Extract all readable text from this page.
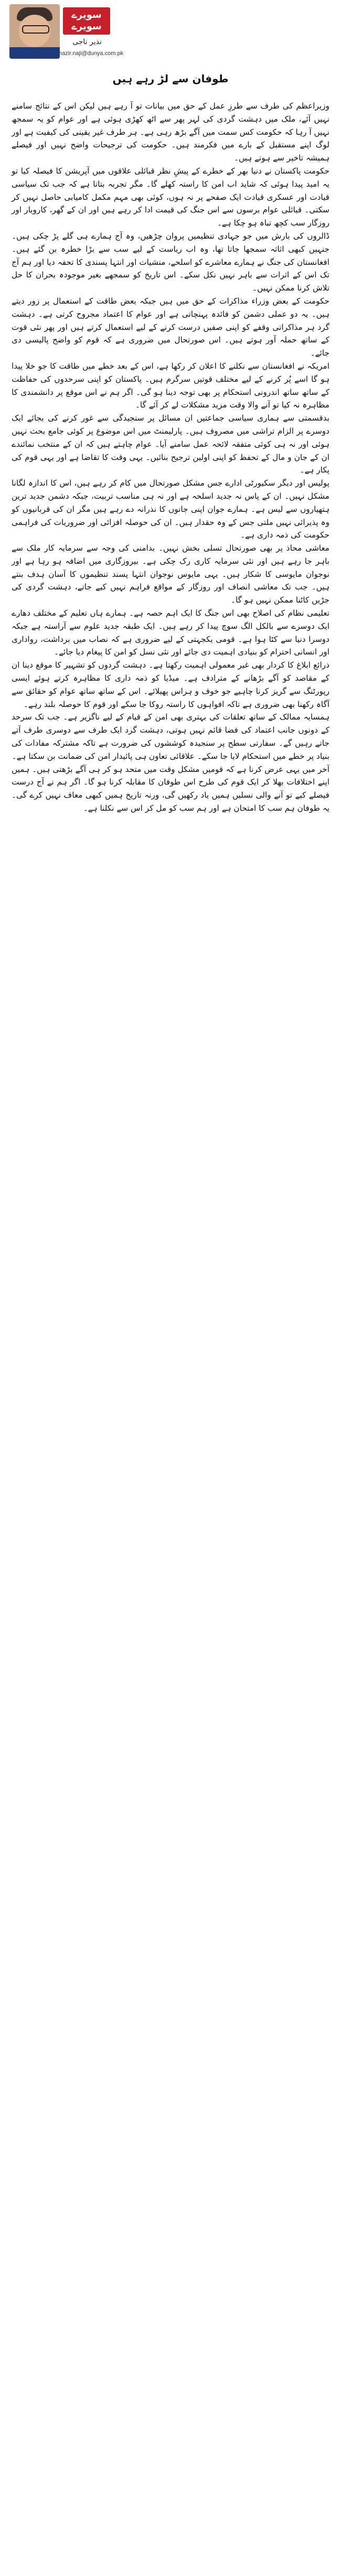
سویرے
سویرے
نذیر ناجی
nazir.naji@dunya.com.pk
طوفان سے لڑ رہے ہیں

وزیراعظم کی طرف سے طرزِ عمل کے حق میں بیانات تو آ رہے ہیں لیکن اس کے نتائج سامنے نہیں آئے، ملک میں دہشت گردی کی لہر پھر سے اٹھ کھڑی ہوئی ہے اور عوام کو یہ سمجھ نہیں آ رہا کہ حکومت کس سمت میں آگے بڑھ رہی ہے۔ ہر طرف غیر یقینی کی کیفیت ہے اور لوگ اپنے مستقبل کے بارے میں فکرمند ہیں۔ حکومت کی ترجیحات واضح نہیں اور فیصلے ہمیشہ تاخیر سے ہوتے ہیں۔

حکومت پاکستان نے دنیا بھر کے خطرے کے پیشِ نظر قبائلی علاقوں میں آپریشن کا فیصلہ کیا تو یہ امید پیدا ہوئی کہ شاید اب امن کا راستہ کھلے گا۔ مگر تجربہ بتاتا ہے کہ جب تک سیاسی قیادت اور عسکری قیادت ایک صفحے پر نہ ہوں، کوئی بھی مہم مکمل کامیابی حاصل نہیں کر سکتی۔ قبائلی عوام برسوں سے اس جنگ کی قیمت ادا کر رہے ہیں اور ان کے گھر، کاروبار اور روزگار سب کچھ تباہ ہو چکا ہے۔

ڈالروں کی بارش میں جو جہادی تنظیمیں پروان چڑھیں، وہ آج ہمارے ہی گلے پڑ چکی ہیں۔ جنہیں کبھی اثاثہ سمجھا جاتا تھا، وہ اب ریاست کے لیے سب سے بڑا خطرہ بن گئے ہیں۔ افغانستان کی جنگ نے ہمارے معاشرے کو اسلحے، منشیات اور انتہا پسندی کا تحفہ دیا اور ہم آج تک اس کے اثرات سے باہر نہیں نکل سکے۔ اس تاریخ کو سمجھے بغیر موجودہ بحران کا حل تلاش کرنا ممکن نہیں۔

حکومت کے بعض وزراء مذاکرات کے حق میں ہیں جبکہ بعض طاقت کے استعمال پر زور دیتے ہیں۔ یہ دو عملی دشمن کو فائدہ پہنچاتی ہے اور عوام کا اعتماد مجروح کرتی ہے۔ دہشت گرد ہر مذاکراتی وقفے کو اپنی صفیں درست کرنے کے لیے استعمال کرتے ہیں اور پھر نئی قوت کے ساتھ حملہ آور ہوتے ہیں۔ اس صورتحال میں ضروری ہے کہ قوم کو واضح پالیسی دی جائے۔

امریکہ نے افغانستان سے نکلنے کا اعلان کر رکھا ہے، اس کے بعد خطے میں طاقت کا جو خلا پیدا ہو گا اسے پُر کرنے کے لیے مختلف قوتیں سرگرم ہیں۔ پاکستان کو اپنی سرحدوں کی حفاظت کے ساتھ ساتھ اندرونی استحکام پر بھی توجہ دینا ہو گی۔ اگر ہم نے اس موقع پر دانشمندی کا مظاہرہ نہ کیا تو آنے والا وقت مزید مشکلات لے کر آئے گا۔

بدقسمتی سے ہماری سیاسی جماعتیں ان مسائل پر سنجیدگی سے غور کرنے کی بجائے ایک دوسرے پر الزام تراشی میں مصروف ہیں۔ پارلیمنٹ میں اس موضوع پر کوئی جامع بحث نہیں ہوئی اور نہ ہی کوئی متفقہ لائحہ عمل سامنے آیا۔ عوام چاہتے ہیں کہ ان کے منتخب نمائندے ان کے جان و مال کے تحفظ کو اپنی اولین ترجیح بنائیں۔ یہی وقت کا تقاضا ہے اور یہی قوم کی پکار ہے۔

پولیس اور دیگر سکیورٹی ادارے جس مشکل صورتحال میں کام کر رہے ہیں، اس کا اندازہ لگانا مشکل نہیں۔ ان کے پاس نہ جدید اسلحہ ہے اور نہ ہی مناسب تربیت، جبکہ دشمن جدید ترین ہتھیاروں سے لیس ہے۔ ہمارے جوان اپنی جانوں کا نذرانہ دے رہے ہیں مگر ان کی قربانیوں کو وہ پذیرائی نہیں ملتی جس کے وہ حقدار ہیں۔ ان کی حوصلہ افزائی اور ضروریات کی فراہمی حکومت کی ذمہ داری ہے۔

معاشی محاذ پر بھی صورتحال تسلی بخش نہیں۔ بدامنی کی وجہ سے سرمایہ کار ملک سے باہر جا رہے ہیں اور نئی سرمایہ کاری رک چکی ہے۔ بیروزگاری میں اضافہ ہو رہا ہے اور نوجوان مایوسی کا شکار ہیں۔ یہی مایوس نوجوان انتہا پسند تنظیموں کا آسان ہدف بنتے ہیں۔ جب تک معاشی انصاف اور روزگار کے مواقع فراہم نہیں کیے جاتے، دہشت گردی کی جڑیں کاٹنا ممکن نہیں ہو گا۔

تعلیمی نظام کی اصلاح بھی اس جنگ کا ایک اہم حصہ ہے۔ ہمارے ہاں تعلیم کے مختلف دھارے ایک دوسرے سے بالکل الگ سوچ پیدا کر رہے ہیں۔ ایک طبقہ جدید علوم سے آراستہ ہے جبکہ دوسرا دنیا سے کٹا ہوا ہے۔ قومی یکجہتی کے لیے ضروری ہے کہ نصاب میں برداشت، رواداری اور انسانی احترام کو بنیادی اہمیت دی جائے اور نئی نسل کو امن کا پیغام دیا جائے۔

ذرائع ابلاغ کا کردار بھی غیر معمولی اہمیت رکھتا ہے۔ دہشت گردوں کو تشہیر کا موقع دینا ان کے مقاصد کو آگے بڑھانے کے مترادف ہے۔ میڈیا کو ذمہ داری کا مظاہرہ کرتے ہوئے ایسی رپورٹنگ سے گریز کرنا چاہیے جو خوف و ہراس پھیلائے۔ اس کے ساتھ ساتھ عوام کو حقائق سے آگاہ رکھنا بھی ضروری ہے تاکہ افواہوں کا راستہ روکا جا سکے اور قوم کا حوصلہ بلند رہے۔

ہمسایہ ممالک کے ساتھ تعلقات کی بہتری بھی امن کے قیام کے لیے ناگزیر ہے۔ جب تک سرحد کے دونوں جانب اعتماد کی فضا قائم نہیں ہوتی، دہشت گرد ایک طرف سے دوسری طرف آتے جاتے رہیں گے۔ سفارتی سطح پر سنجیدہ کوششوں کی ضرورت ہے تاکہ مشترکہ مفادات کی بنیاد پر خطے میں استحکام لایا جا سکے۔ علاقائی تعاون ہی پائیدار امن کی ضمانت بن سکتا ہے۔

آخر میں یہی عرض کرنا ہے کہ قومیں مشکل وقت میں متحد ہو کر ہی آگے بڑھتی ہیں۔ ہمیں اپنے اختلافات بھلا کر ایک قوم کی طرح اس طوفان کا مقابلہ کرنا ہو گا۔ اگر ہم نے آج درست فیصلے کیے تو آنے والی نسلیں ہمیں یاد رکھیں گی، ورنہ تاریخ ہمیں کبھی معاف نہیں کرے گی۔ یہ طوفان ہم سب کا امتحان ہے اور ہم سب کو مل کر اس سے نکلنا ہے۔
